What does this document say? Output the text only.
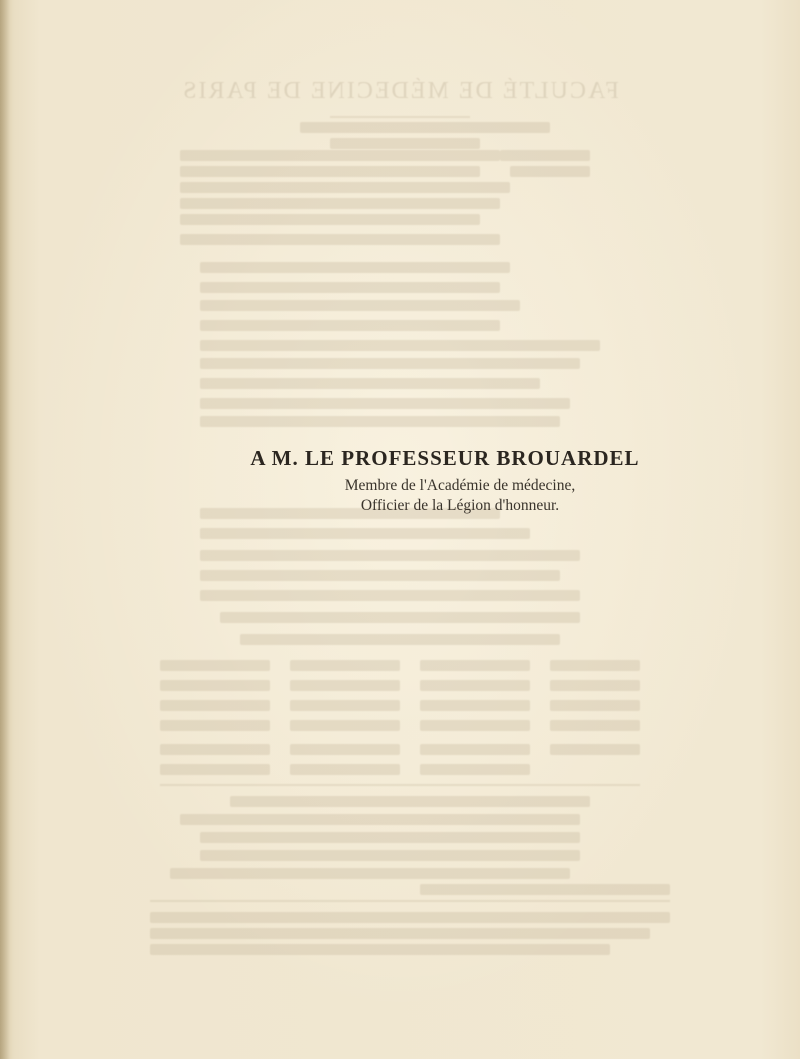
FACULTÉ DE MÉDECINE DE PARIS
A M. LE PROFESSEUR BROUARDEL
Membre de l'Académie de médecine,
Officier de la Légion d'honneur.
